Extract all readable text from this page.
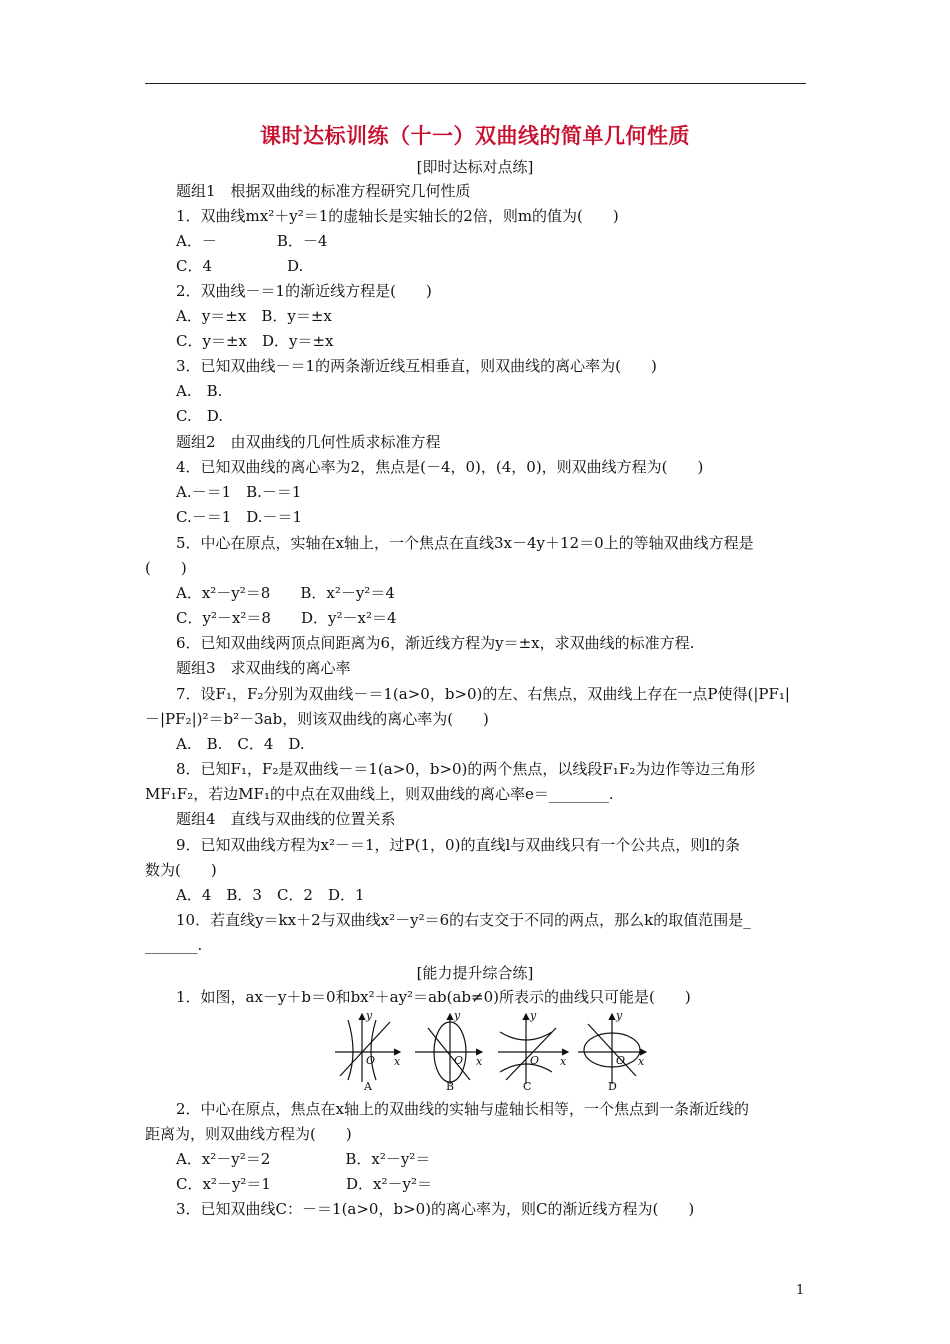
课时达标训练（十一）双曲线的简单几何性质
[即时达标对点练]
题组1　根据双曲线的标准方程研究几何性质
1．双曲线mx²＋y²＝1的虚轴长是实轴长的2倍，则m的值为(　　)
A．－　　　　B．－4
C．4　　　　　D.
2．双曲线－＝1的渐近线方程是(　　)
A．y＝±x　B．y＝±x
C．y＝±x　D．y＝±x
3．已知双曲线－＝1的两条渐近线互相垂直，则双曲线的离心率为(　　)
A.　B.
C.　D.
题组2　由双曲线的几何性质求标准方程
4．已知双曲线的离心率为2，焦点是(－4，0)，(4，0)，则双曲线方程为(　　)
A.－＝1　B.－＝1
C.－＝1　D.－＝1
5．中心在原点，实轴在x轴上，一个焦点在直线3x－4y＋12＝0上的等轴双曲线方程是
(　　)
A．x²－y²＝8　　B．x²－y²＝4
C．y²－x²＝8　　D．y²－x²＝4
6．已知双曲线两顶点间距离为6，渐近线方程为y＝±x，求双曲线的标准方程.
题组3　求双曲线的离心率
7．设F₁，F₂分别为双曲线－＝1(a>0，b>0)的左、右焦点，双曲线上存在一点P使得(|PF₁|
－|PF₂|)²＝b²－3ab，则该双曲线的离心率为(　　)
A.　B.　C．4　D.
8．已知F₁，F₂是双曲线－＝1(a>0，b>0)的两个焦点，以线段F₁F₂为边作等边三角形
MF₁F₂，若边MF₁的中点在双曲线上，则双曲线的离心率e＝________.
题组4　直线与双曲线的位置关系
9．已知双曲线方程为x²－＝1，过P(1，0)的直线l与双曲线只有一个公共点，则l的条
数为(　　)
A．4　B．3　C．2　D．1
10．若直线y＝kx＋2与双曲线x²－y²＝6的右支交于不同的两点，那么k的取值范围是_
_______.
[能力提升综合练]
1．如图，ax－y＋b＝0和bx²＋ay²＝ab(ab≠0)所表示的曲线只可能是(　　)
y
x
O
y
x
O
y
x
O
y
x
O
A	B	C	D
2．中心在原点，焦点在x轴上的双曲线的实轴与虚轴长相等，一个焦点到一条渐近线的
距离为，则双曲线方程为(　　)
A．x²－y²＝2　　　　　B．x²－y²＝
C．x²－y²＝1　　　　　D．x²－y²＝
3．已知双曲线C：－＝1(a>0，b>0)的离心率为，则C的渐近线方程为(　　)
1
